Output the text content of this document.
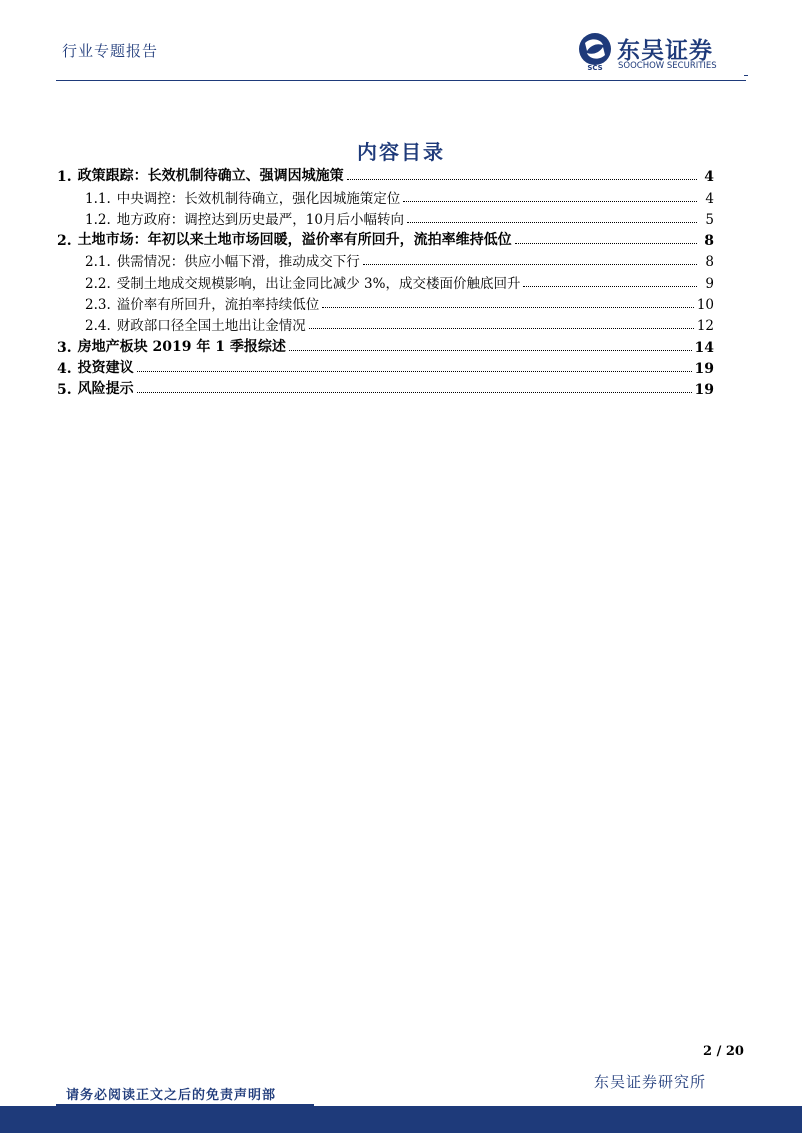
行业专题报告
SCS
东吴证券
SOOCHOW SECURITIES
内容目录
1. 政策跟踪：长效机制待确立、强调因城施策	4
1.1. 中央调控：长效机制待确立，强化因城施策定位	4
1.2. 地方政府：调控达到历史最严，10月后小幅转向	5
2. 土地市场：年初以来土地市场回暖，溢价率有所回升，流拍率维持低位	8
2.1. 供需情况：供应小幅下滑，推动成交下行	8
2.2. 受制土地成交规模影响，出让金同比减少 3%，成交楼面价触底回升	9
2.3. 溢价率有所回升，流拍率持续低位	10
2.4. 财政部口径全国土地出让金情况	12
3. 房地产板块 2019 年 1 季报综述	14
4. 投资建议	19
5. 风险提示	19
2 / 20
东吴证券研究所
请务必阅读正文之后的免责声明部
